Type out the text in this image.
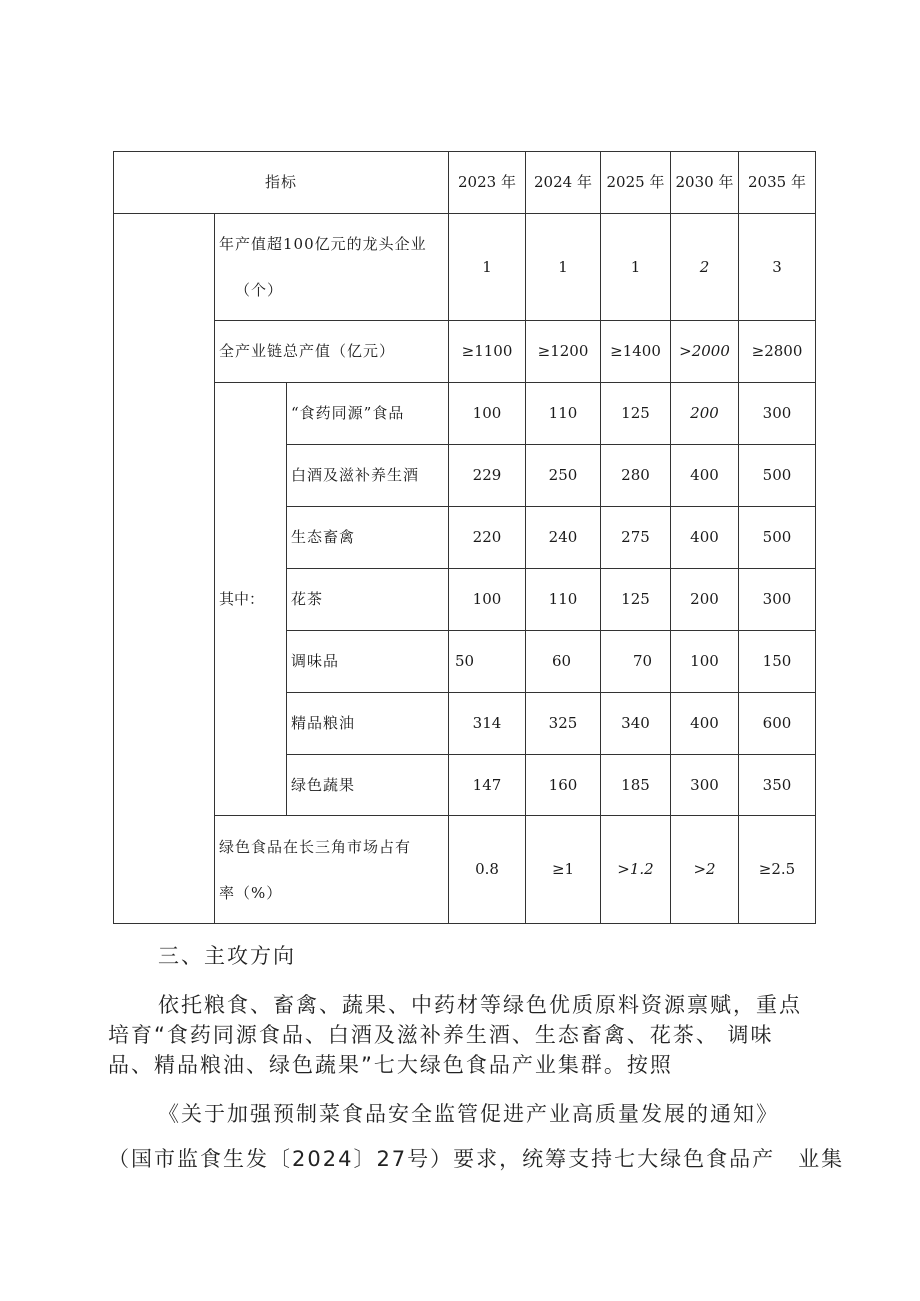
指标	2023 年	2024 年 2025 年 2030 年 2035 年
年产值超100亿元的龙头企业
（个）
1	1	1	2	3
全产业链总产值（亿元）	≥1100	≥1200	≥1400	>2000	≥2800
其中：
“食药同源”食品	100	110	125	200	300
白酒及滋补养生酒	229	250	280	400	500
生态畜禽	220	240	275	400	500
花茶	100	110	125	200	300
调味品	50	60	70	100	150
精品粮油	314	325	340	400	600
绿色蔬果	147	160	185	300	350
绿色食品在长三角市场占有
率（%）
0.8	≥1	>1.2	>2	≥2.5
三、主攻方向
依托粮食、畜禽、蔬果、中药材等绿色优质原料资源禀赋，重点
培育“食药同源食品、白酒及滋补养生酒、生态畜禽、花茶、 调味
品、精品粮油、绿色蔬果”七大绿色食品产业集群。按照
《关于加强预制菜食品安全监管促进产业高质量发展的通知》
（国市监食生发〔2024〕27号）要求，统筹支持七大绿色食品产　业集
